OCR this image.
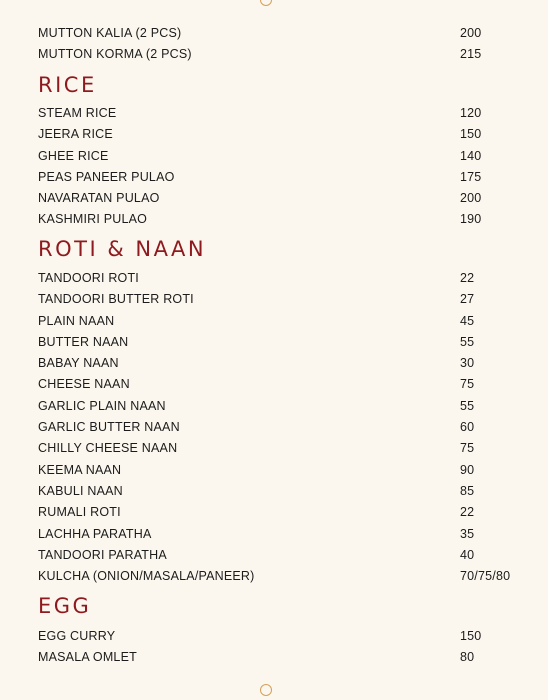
MUTTON KALIA (2 PCS)	200
MUTTON KORMA (2 PCS)	215
RICE
STEAM RICE	120
JEERA RICE	150
GHEE RICE	140
PEAS PANEER PULAO	175
NAVARATAN PULAO	200
KASHMIRI PULAO	190
ROTI & NAAN
TANDOORI ROTI	22
TANDOORI BUTTER ROTI	27
PLAIN NAAN	45
BUTTER NAAN	55
BABAY NAAN	30
CHEESE NAAN	75
GARLIC PLAIN NAAN	55
GARLIC BUTTER NAAN	60
CHILLY CHEESE NAAN	75
KEEMA NAAN	90
KABULI NAAN	85
RUMALI ROTI	22
LACHHA PARATHA	35
TANDOORI PARATHA	40
KULCHA (ONION/MASALA/PANEER)	70/75/80
EGG
EGG CURRY	150
MASALA OMLET	80
